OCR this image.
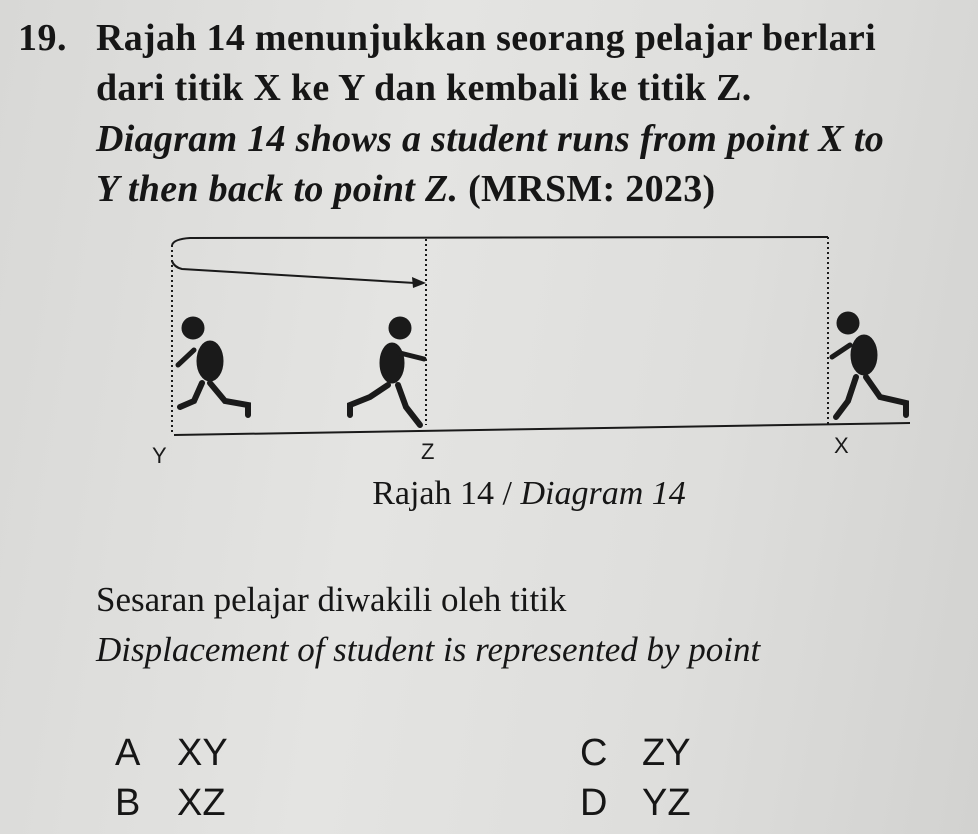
19. Rajah 14 menunjukkan seorang pelajar berlari
dari titik X ke Y dan kembali ke titik Z.
Diagram 14 shows a student runs from point X to
Y then back to point Z. (MRSM: 2023)
Y	Z	X
Rajah 14 / Diagram 14
Sesaran pelajar diwakili oleh titik
Displacement of student is represented by point
A XY
B XZ
C ZY
D YZ
